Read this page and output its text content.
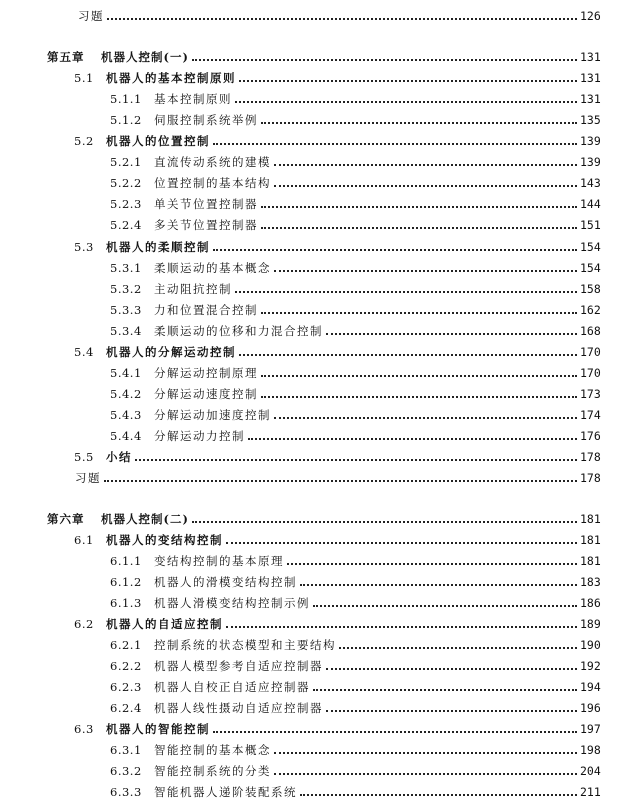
习题	126
第五章	机器人控制(一)	131
5.1	机器人的基本控制原则	131
5.1.1	基本控制原则	131
5.1.2	伺服控制系统举例	135
5.2	机器人的位置控制	139
5.2.1	直流传动系统的建模	139
5.2.2	位置控制的基本结构	143
5.2.3	单关节位置控制器	144
5.2.4	多关节位置控制器	151
5.3	机器人的柔顺控制	154
5.3.1	柔顺运动的基本概念	154
5.3.2	主动阻抗控制	158
5.3.3	力和位置混合控制	162
5.3.4	柔顺运动的位移和力混合控制	168
5.4	机器人的分解运动控制	170
5.4.1	分解运动控制原理	170
5.4.2	分解运动速度控制	173
5.4.3	分解运动加速度控制	174
5.4.4	分解运动力控制	176
5.5	小结	178
习题	178
第六章	机器人控制(二)	181
6.1	机器人的变结构控制	181
6.1.1	变结构控制的基本原理	181
6.1.2	机器人的滑模变结构控制	183
6.1.3	机器人滑模变结构控制示例	186
6.2	机器人的自适应控制	189
6.2.1	控制系统的状态模型和主要结构	190
6.2.2	机器人模型参考自适应控制器	192
6.2.3	机器人自校正自适应控制器	194
6.2.4	机器人线性摄动自适应控制器	196
6.3	机器人的智能控制	197
6.3.1	智能控制的基本概念	198
6.3.2	智能控制系统的分类	204
6.3.3	智能机器人递阶装配系统	211
